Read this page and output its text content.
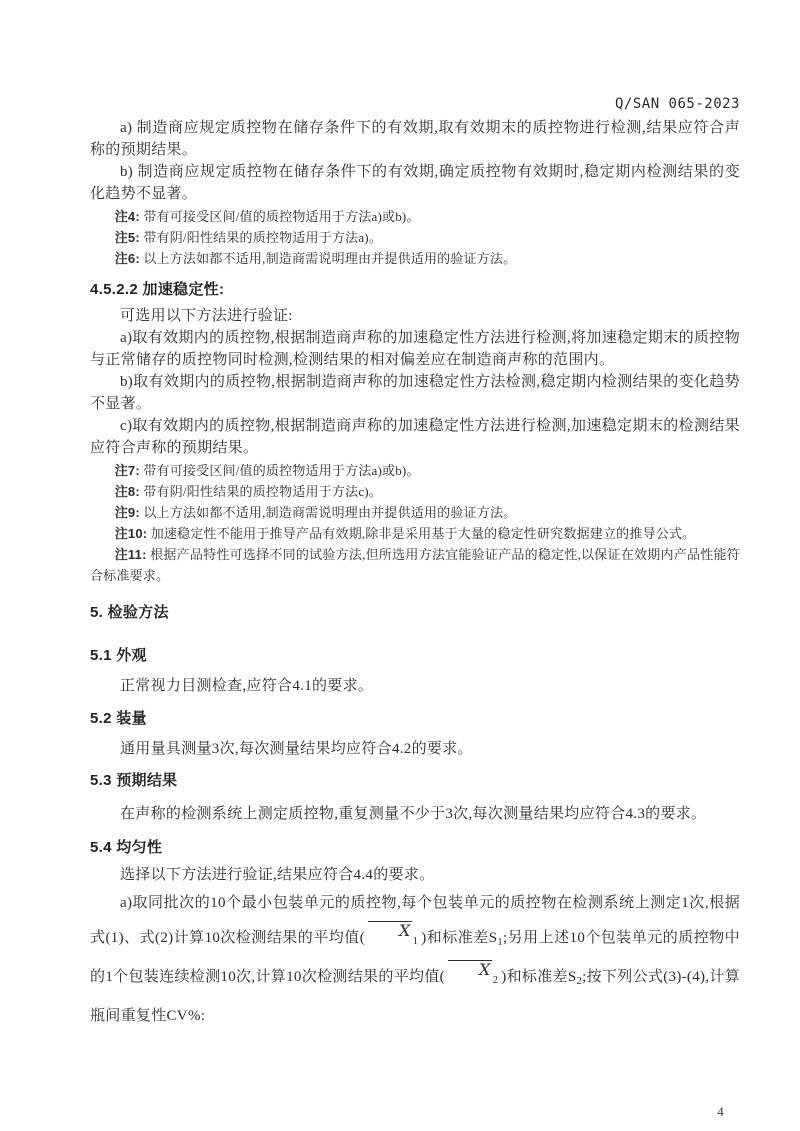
Q/SAN 065-2023

a) 制造商应规定质控物在储存条件下的有效期,取有效期末的质控物进行检测,结果应符合声称的预期结果。

b) 制造商应规定质控物在储存条件下的有效期,确定质控物有效期时,稳定期内检测结果的变化趋势不显著。

注4: 带有可接受区间/值的质控物适用于方法a)或b)。

注5: 带有阴/阳性结果的质控物适用于方法a)。

注6: 以上方法如都不适用,制造商需说明理由并提供适用的验证方法。

4.5.2.2 加速稳定性:

可选用以下方法进行验证:

a)取有效期内的质控物,根据制造商声称的加速稳定性方法进行检测,将加速稳定期末的质控物与正常储存的质控物同时检测,检测结果的相对偏差应在制造商声称的范围内。

b)取有效期内的质控物,根据制造商声称的加速稳定性方法检测,稳定期内检测结果的变化趋势不显著。

c)取有效期内的质控物,根据制造商声称的加速稳定性方法进行检测,加速稳定期末的检测结果应符合声称的预期结果。

注7: 带有可接受区间/值的质控物适用于方法a)或b)。

注8: 带有阴/阳性结果的质控物适用于方法c)。

注9: 以上方法如都不适用,制造商需说明理由并提供适用的验证方法。

注10: 加速稳定性不能用于推导产品有效期,除非是采用基于大量的稳定性研究数据建立的推导公式。

注11: 根据产品特性可选择不同的试验方法,但所选用方法宜能验证产品的稳定性,以保证在效期内产品性能符合标准要求。

5. 检验方法

5.1 外观

正常视力目测检查,应符合4.1的要求。

5.2 装量

通用量具测量3次,每次测量结果均应符合4.2的要求。

5.3 预期结果

在声称的检测系统上测定质控物,重复测量不少于3次,每次测量结果均应符合4.3的要求。

5.4 均匀性

选择以下方法进行验证,结果应符合4.4的要求。

a)取同批次的10个最小包装单元的质控物,每个包装单元的质控物在检测系统上测定1次,根据式(1)、式(2)计算10次检测结果的平均值( X1 )和标准差$S_1$;另用上述10个包装单元的质控物中的1个包装连续检测10次,计算10次检测结果的平均值( X2 )和标准差$S_2$;按下列公式(3)-(4),计算瓶间重复性CV%:

4
